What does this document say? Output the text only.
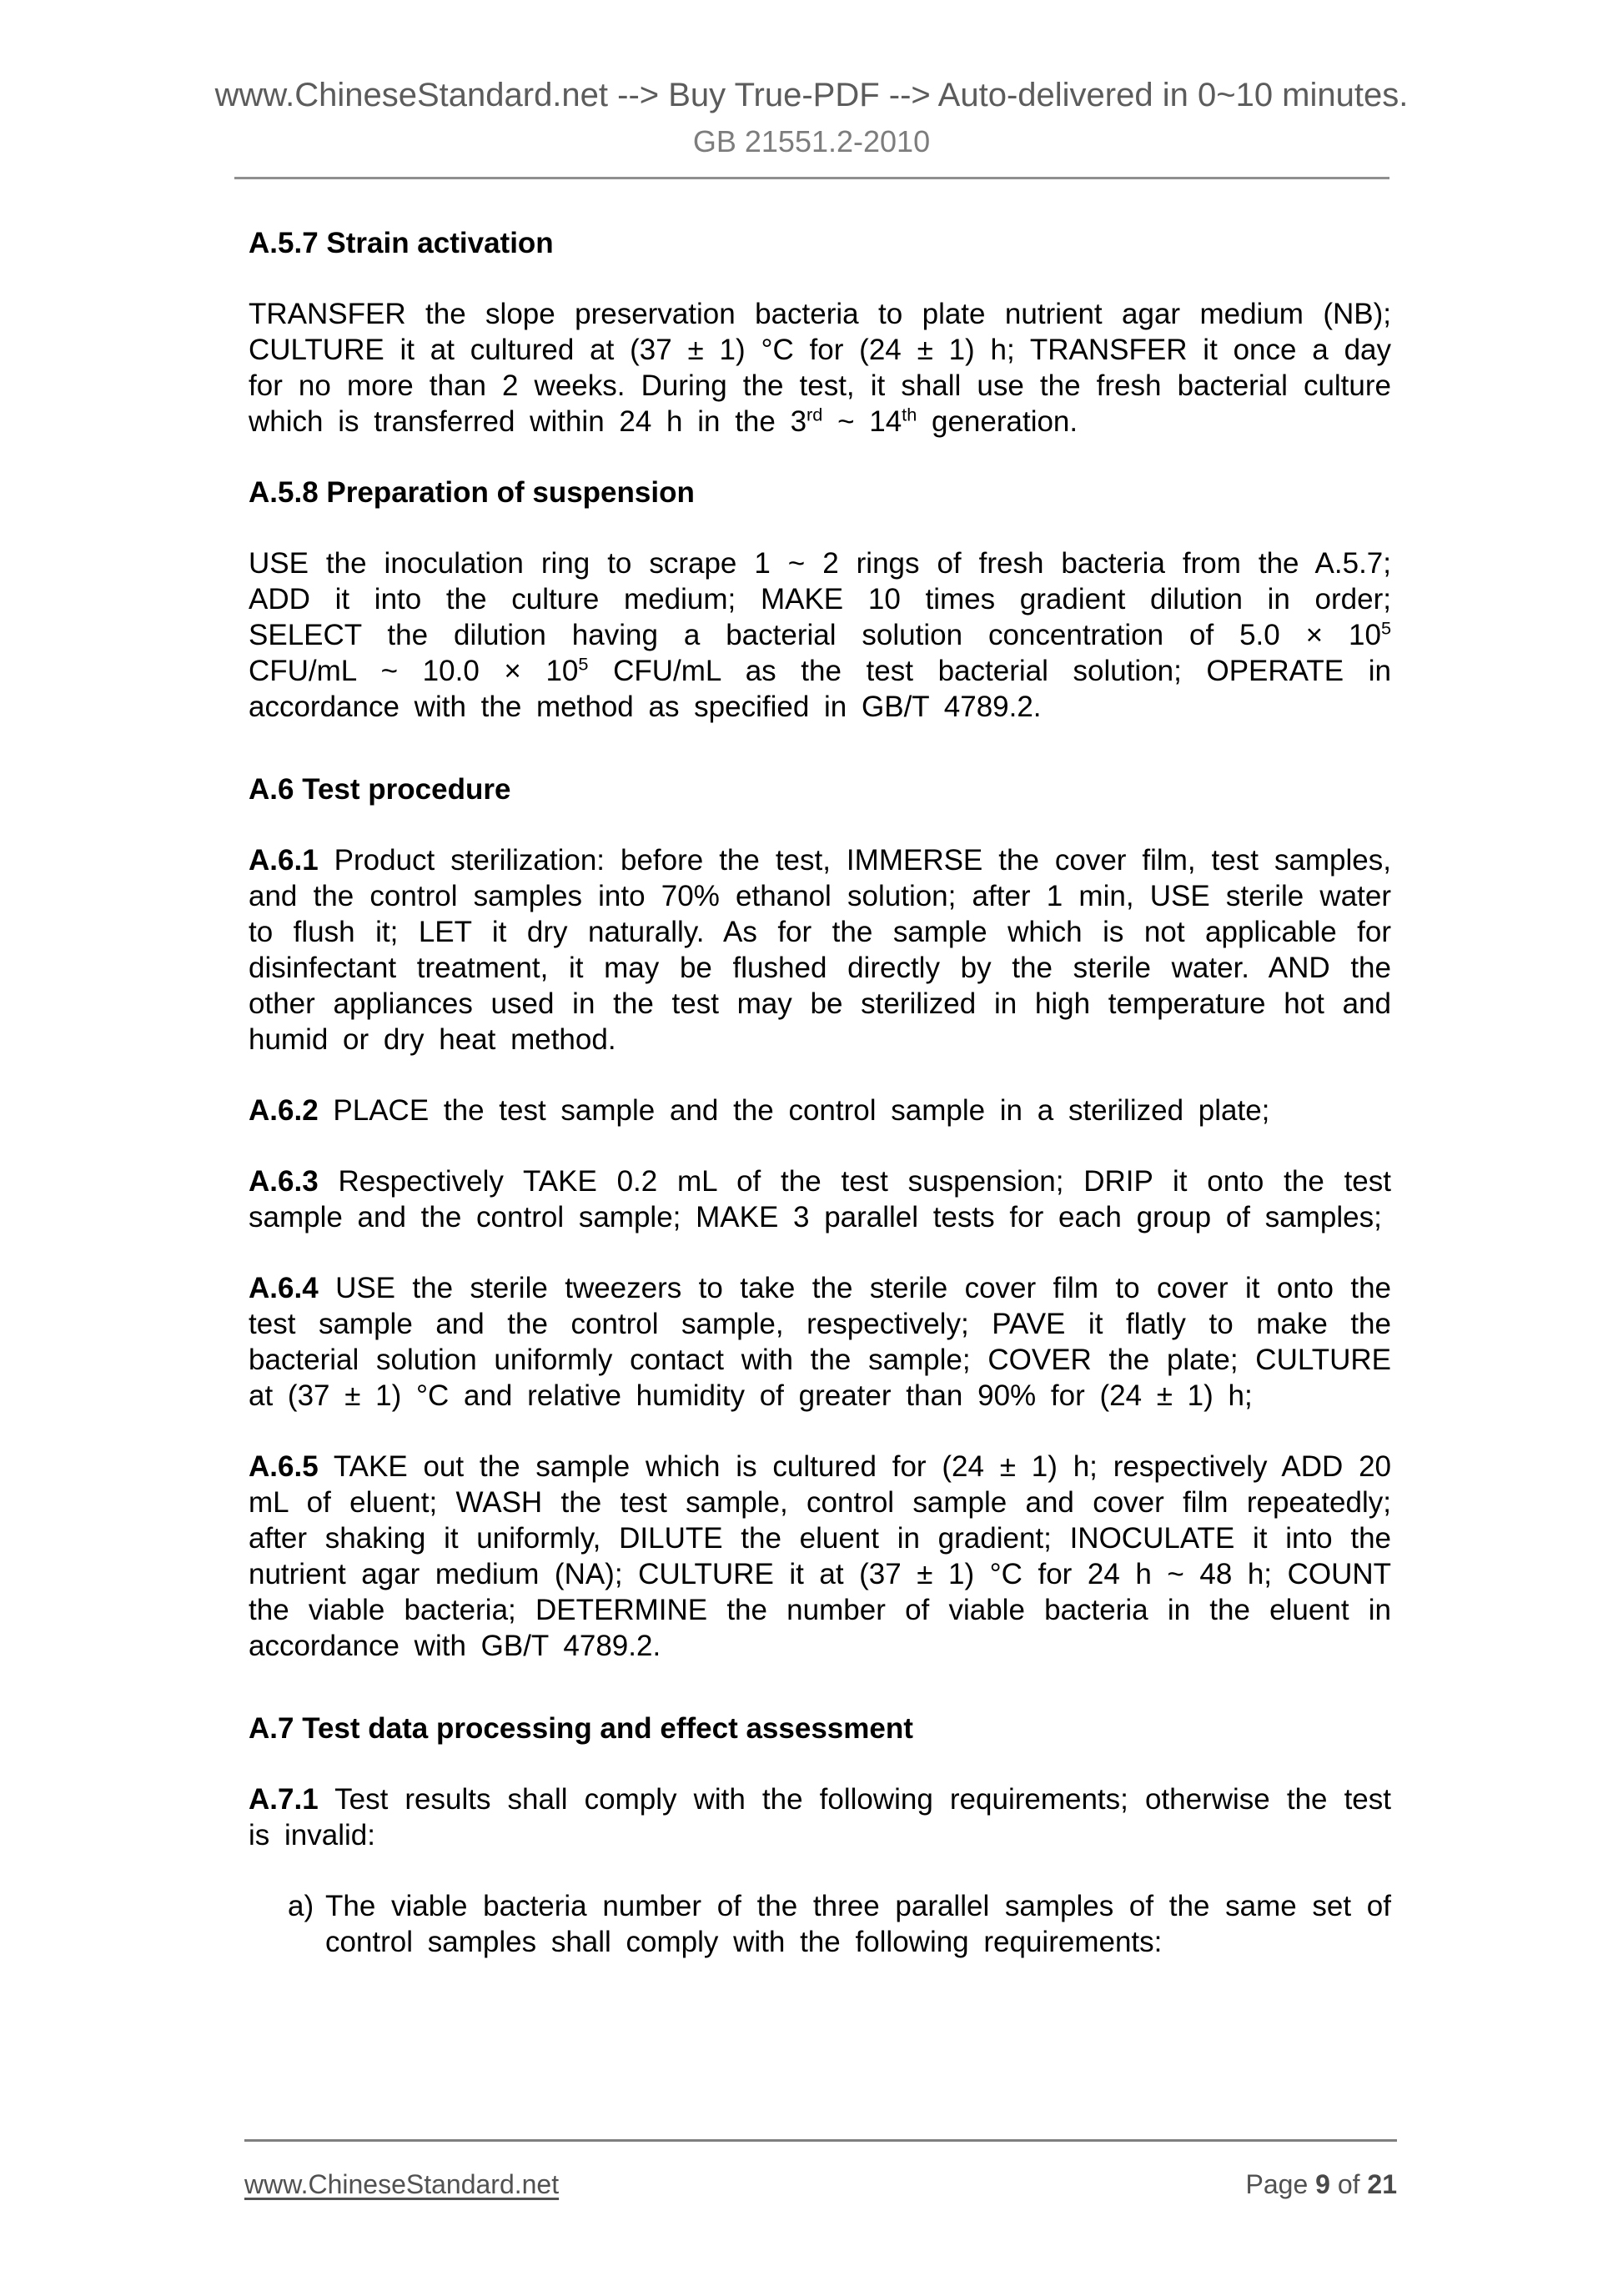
www.ChineseStandard.net --> Buy True-PDF --> Auto-delivered in 0~10 minutes.
GB 21551.2-2010
A.5.7 Strain activation

TRANSFER the slope preservation bacteria to plate nutrient agar medium (NB); CULTURE it at cultured at (37 ± 1) °C for (24 ± 1) h; TRANSFER it once a day for no more than 2 weeks. During the test, it shall use the fresh bacterial culture which is transferred within 24 h in the 3rd ~ 14th generation.

A.5.8 Preparation of suspension

USE the inoculation ring to scrape 1 ~ 2 rings of fresh bacteria from the A.5.7; ADD it into the culture medium; MAKE 10 times gradient dilution in order; SELECT the dilution having a bacterial solution concentration of $5.0 \times 10^5$ CFU/mL ~ $10.0 \times 10^5$ CFU/mL as the test bacterial solution; OPERATE in accordance with the method as specified in GB/T 4789.2.

A.6 Test procedure

A.6.1 Product sterilization: before the test, IMMERSE the cover film, test samples, and the control samples into 70% ethanol solution; after 1 min, USE sterile water to flush it; LET it dry naturally. As for the sample which is not applicable for disinfectant treatment, it may be flushed directly by the sterile water. AND the other appliances used in the test may be sterilized in high temperature hot and humid or dry heat method.

A.6.2 PLACE the test sample and the control sample in a sterilized plate;

A.6.3 Respectively TAKE 0.2 mL of the test suspension; DRIP it onto the test sample and the control sample; MAKE 3 parallel tests for each group of samples;

A.6.4 USE the sterile tweezers to take the sterile cover film to cover it onto the test sample and the control sample, respectively; PAVE it flatly to make the bacterial solution uniformly contact with the sample; COVER the plate; CULTURE at (37 ± 1) °C and relative humidity of greater than 90% for (24 ± 1) h;

A.6.5 TAKE out the sample which is cultured for (24 ± 1) h; respectively ADD 20 mL of eluent; WASH the test sample, control sample and cover film repeatedly; after shaking it uniformly, DILUTE the eluent in gradient; INOCULATE it into the nutrient agar medium (NA); CULTURE it at (37 ± 1) °C for 24 h ~ 48 h; COUNT the viable bacteria; DETERMINE the number of viable bacteria in the eluent in accordance with GB/T 4789.2.

A.7 Test data processing and effect assessment

A.7.1 Test results shall comply with the following requirements; otherwise the test is invalid:

a) The viable bacteria number of the three parallel samples of the same set of control samples shall comply with the following requirements:
www.ChineseStandard.net	Page 9 of 21
